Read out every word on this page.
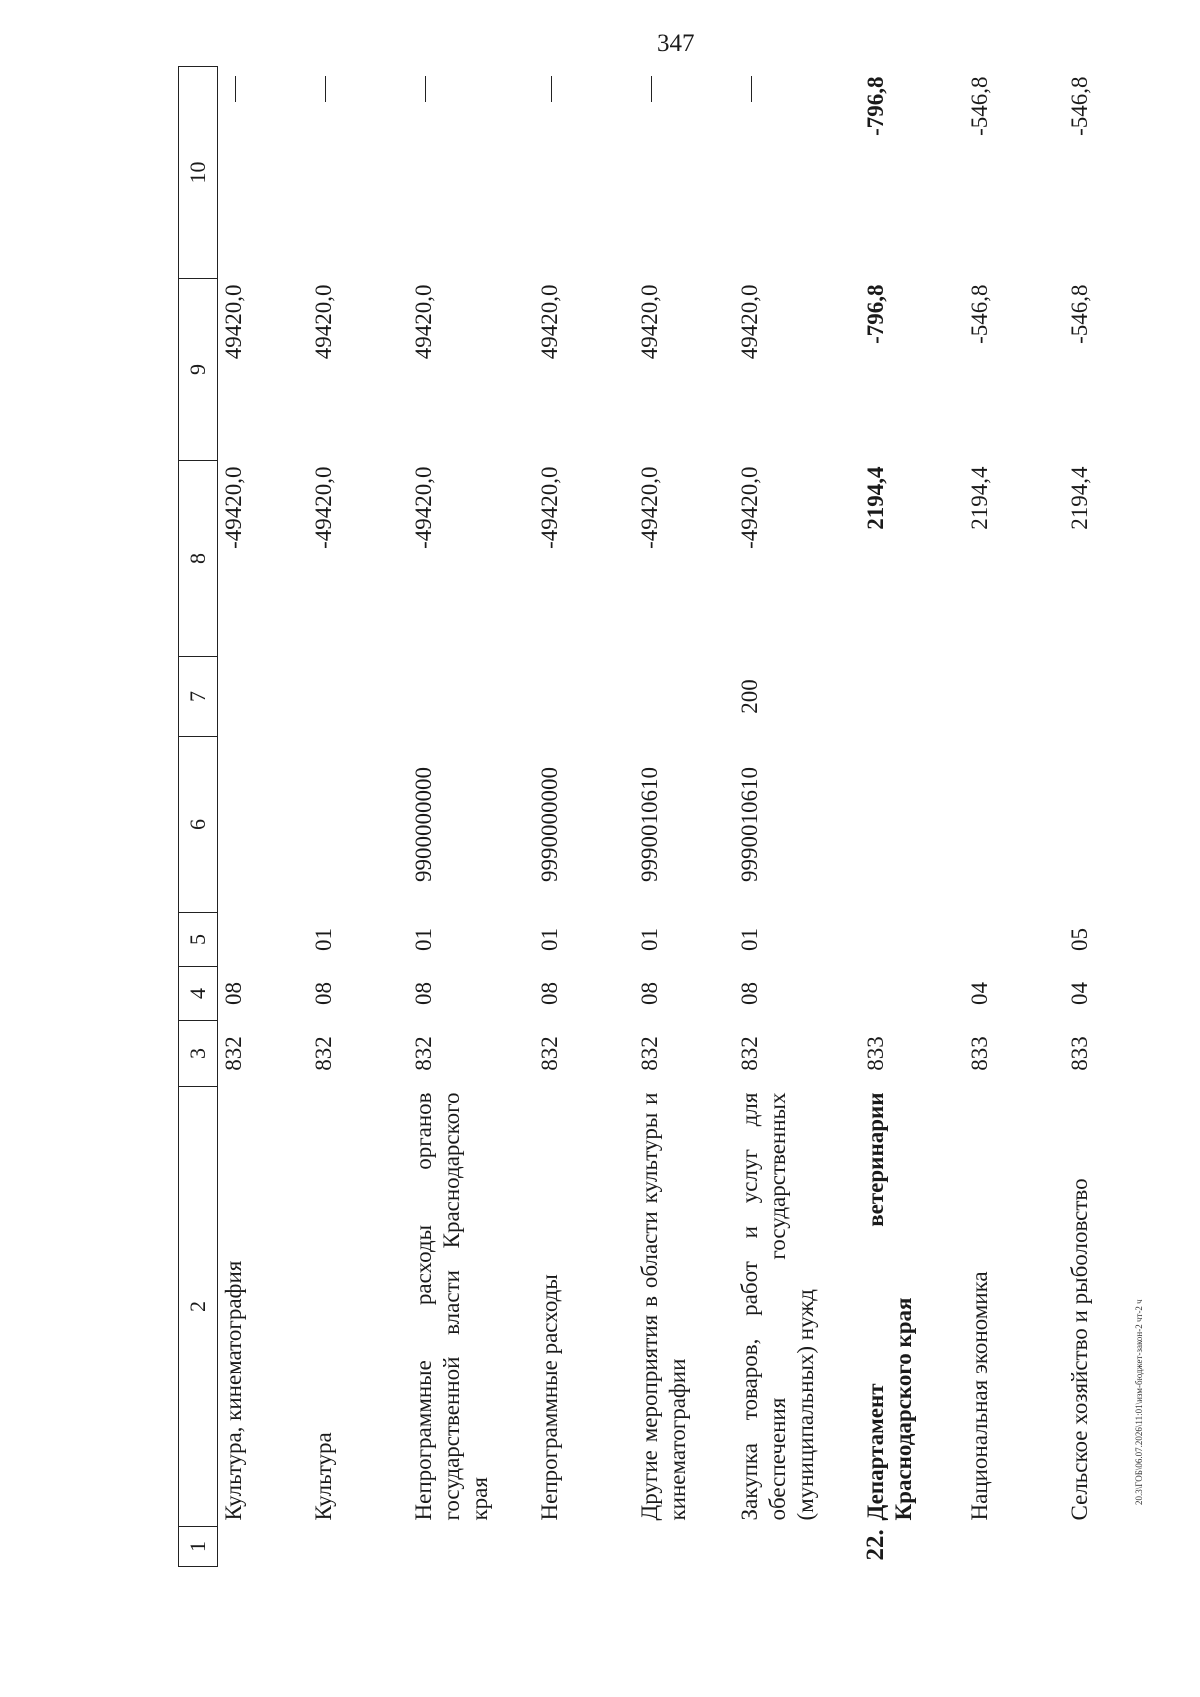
347
20.3\ГОБ\06.07.2026\11:01\изм-бюджет-закон-2 чт-2 ч
1	2	3	4	5	6	7	8	9	10
	Культура, кинематография	832	08				-49420,0	49420,0	
	Культура	832	08	01			-49420,0	49420,0	
	Непрограммные расходы органов государственной власти Краснодарского края	832	08	01	9900000000		-49420,0	49420,0	
	Непрограммные расходы	832	08	01	9990000000		-49420,0	49420,0	
	Другие мероприятия в области культуры и кинематографии	832	08	01	9990010610		-49420,0	49420,0	
	Закупка товаров, работ и услуг для обеспечения государственных (муниципальных) нужд	832	08	01	9990010610	200	-49420,0	49420,0	
22.	Департамент ветеринарии Краснодарского края	833					2194,4	-796,8	-796,8
	Национальная экономика	833	04				2194,4	-546,8	-546,8
	Сельское хозяйство и рыболовство	833	04	05			2194,4	-546,8	-546,8
